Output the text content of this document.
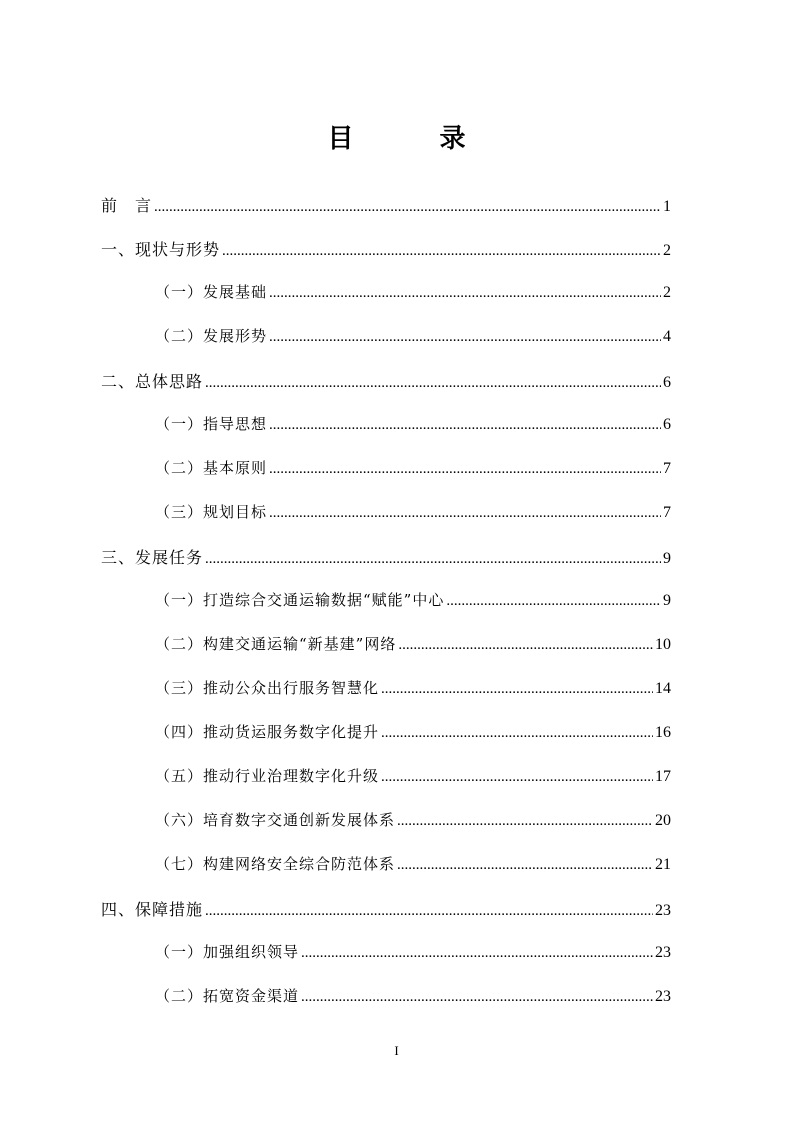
目　录
前　言 .....	1
一、现状与形势 .....	2
（一）发展基础 .....	2
（二）发展形势 .....	4
二、总体思路 .....	6
（一）指导思想 .....	6
（二）基本原则 .....	7
（三）规划目标 .....	7
三、发展任务 .....	9
（一）打造综合交通运输数据“赋能”中心 .....	9
（二）构建交通运输“新基建”网络 .....	10
（三）推动公众出行服务智慧化 .....	14
（四）推动货运服务数字化提升 .....	16
（五）推动行业治理数字化升级 .....	17
（六）培育数字交通创新发展体系 .....	20
（七）构建网络安全综合防范体系 .....	21
四、保障措施 .....	23
（一）加强组织领导 .....	23
（二）拓宽资金渠道 .....	23
I
